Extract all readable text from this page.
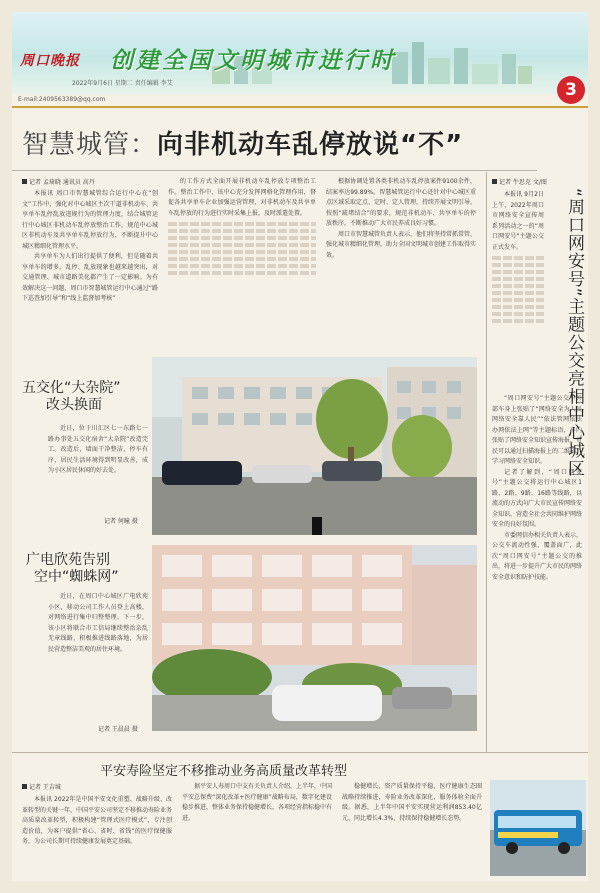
周口晚报 创建全国文明城市进行时
2022年9月6日 星期二 责任编辑 李艾	3
E-mail:2409563389@qq.com
智慧城管：向非机动车乱停放说“不”
记者 孟琦晓 通讯员 高丹
本报讯 周口市智慧城管综合运行中心在“创文”工作中，强化对中心城区主次干道非机动车、共享单车乱停乱放违规行为的管理力度，结合城管运行中心城区非机动车乱停放整治工作，规范中心城区非机动车及共享单车乱停放行为，不断提升中心城区精细化管理水平。
共享单车为人们出行提供了便利，但是随着共享单车的增多，乱停、乱放现象也越来越突出，对交通管理、城市道路美化都产生了一定影响。为有效解决这一问题，周口市智慧城管运行中心通过“路下巡查加引导”和“线上监督加考核”
的工作方式全面开展非机动车乱停放专项整治工作。整治工作中，该中心充分发挥网格化管理作用，督促各共享单车企业加强运营管理，对非机动车及共享单车乱停放的行为进行实时采集上报，及时派遣处置。
根据协调处置各类非机动车乱停放案件9100余件，结案率达99.89%。智慧城管运行中心还针对中心城区重点区域采取定点、定时、定人管理，持续开展文明引导，按照“疏堵结合”的要求，规范非机动车、共享单车的停放秩序，不断推动广大市民养成良好习惯。
周口市智慧城管负责人表示，他们将坚持常抓常管，强化城市精细化管理，助力全国文明城市创建工作取得实效。
五交化“大杂院”
改头换面
近日，位于川汇区七一东路七一路办事处五交化宿舍“大杂院”改造完工。改造后，墙面干净整洁，停车有序，居民生活环境得到明显改善，成为小区居民休闲的好去处。
记者 何曈 摄
广电欣苑告别
空中“蜘蛛网”
近日，在周口中心城区广电欣苑小区，移动公司工作人员登上高楼，对网络进行集中归整整理。下一步，该小区将联合市工信局继续整治杂乱无章线路，积极推进线路落地，为居民营造整洁美观的居住环境。
记者 王晨晨 摄
记者 牛思克 文/图
“周口网安号”主题公交亮相中心城区
本报讯 9月2日上午，2022年周口市网络安全宣传周系列活动之一的“周口网安号”主题公交正式发车。
“周口网安号”主题公交车外部车身上张贴了“网络安全为人民网络安全靠人民”“依法管网依法办网依法上网”等主题标语，车内张贴了网络安全知识宣传海报，市民可以通过扫描海报上的二维码，学习网络安全知识。
记者了解到，“周口网安号”主题公交将运行中心城区1路、2路、9路、16路等线路，以流动的方式向广大市民宣传网络安全知识，营造全社会共同维护网络安全的良好氛围。
市委网信办相关负责人表示，公交车流动性强、覆盖面广，此次“周口网安号”主题公交的推出，将进一步提升广大市民的网络安全意识和防护技能。
平安寿险坚定不移推动业务高质量改革转型
记者 王吉城
本报讯 2022年是中国平安文化重塑、战略升级、改革转型的关键一年，中国平安公司坚定不移推动寿险业务高质量改革转型，积极构建“管理式医疗模式”，专注创造价值，为客户提供“省心、省时、省钱”的医疗保健服务，为公司长期可持续健康发展奠定基础。
据平安人寿周口中支有关负责人介绍，上半年，中国平安总保费“深化改革+医疗健康”战略布局，数字化建设稳步推进，整体业务保持稳健增长，各项经营指标稳中有进。
稳健增长，资产质量保持平稳，医疗健康生态圈战略持续推进，寿险业务改革深化，服务体验全面升级。据悉，上半年中国平安实现营运利润853.40亿元，同比增长4.3%，持续保持稳健增长态势。
